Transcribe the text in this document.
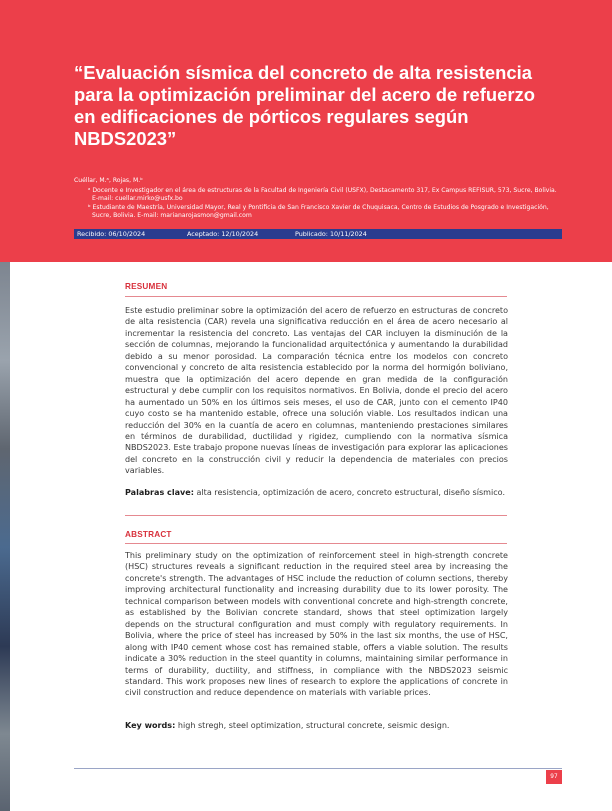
“Evaluación sísmica del concreto de alta resistencia para la optimización preliminar del acero de refuerzo en edificaciones de pórticos regulares según NBDS2023”
Cuéllar, M.ᵃ, Rojas, M.ᵇ
ᵃ Docente e Investigador en el área de estructuras de la Facultad de Ingeniería Civil (USFX), Destacamento 317, Ex Campus REFISUR, 573, Sucre, Bolivia. E-mail: cuellar.mirko@usfx.bo
ᵇ Estudiante de Maestría, Universidad Mayor, Real y Pontificia de San Francisco Xavier de Chuquisaca, Centro de Estudios de Posgrado e Investigación, Sucre, Bolivia. E-mail: marianarojasmon@gmail.com
Recibido: 06/10/2024	Aceptado: 12/10/2024	Publicado: 10/11/2024
RESUMEN
Este estudio preliminar sobre la optimización del acero de refuerzo en estructuras de concreto de alta resistencia (CAR) revela una significativa reducción en el área de acero necesario al incrementar la resistencia del concreto. Las ventajas del CAR incluyen la disminución de la sección de columnas, mejorando la funcionalidad arquitectónica y aumentando la durabilidad debido a su menor porosidad. La comparación técnica entre los modelos con concreto convencional y concreto de alta resistencia establecido por la norma del hormigón boliviano, muestra que la optimización del acero depende en gran medida de la configuración estructural y debe cumplir con los requisitos normativos. En Bolivia, donde el precio del acero ha aumentado un 50% en los últimos seis meses, el uso de CAR, junto con el cemento IP40 cuyo costo se ha mantenido estable, ofrece una solución viable. Los resultados indican una reducción del 30% en la cuantía de acero en columnas, manteniendo prestaciones similares en términos de durabilidad, ductilidad y rigidez, cumpliendo con la normativa sísmica NBDS2023. Este trabajo propone nuevas líneas de investigación para explorar las aplicaciones del concreto en la construcción civil y reducir la dependencia de materiales con precios variables.
Palabras clave: alta resistencia, optimización de acero, concreto estructural, diseño sísmico.
ABSTRACT
This preliminary study on the optimization of reinforcement steel in high-strength concrete (HSC) structures reveals a significant reduction in the required steel area by increasing the concrete's strength. The advantages of HSC include the reduction of column sections, thereby improving architectural functionality and increasing durability due to its lower porosity. The technical comparison between models with conventional concrete and high-strength concrete, as established by the Bolivian concrete standard, shows that steel optimization largely depends on the structural configuration and must comply with regulatory requirements. In Bolivia, where the price of steel has increased by 50% in the last six months, the use of HSC, along with IP40 cement whose cost has remained stable, offers a viable solution. The results indicate a 30% reduction in the steel quantity in columns, maintaining similar performance in terms of durability, ductility, and stiffness, in compliance with the NBDS2023 seismic standard. This work proposes new lines of research to explore the applications of concrete in civil construction and reduce dependence on materials with variable prices.
Key words: high stregh, steel optimization, structural concrete, seismic design.
97
